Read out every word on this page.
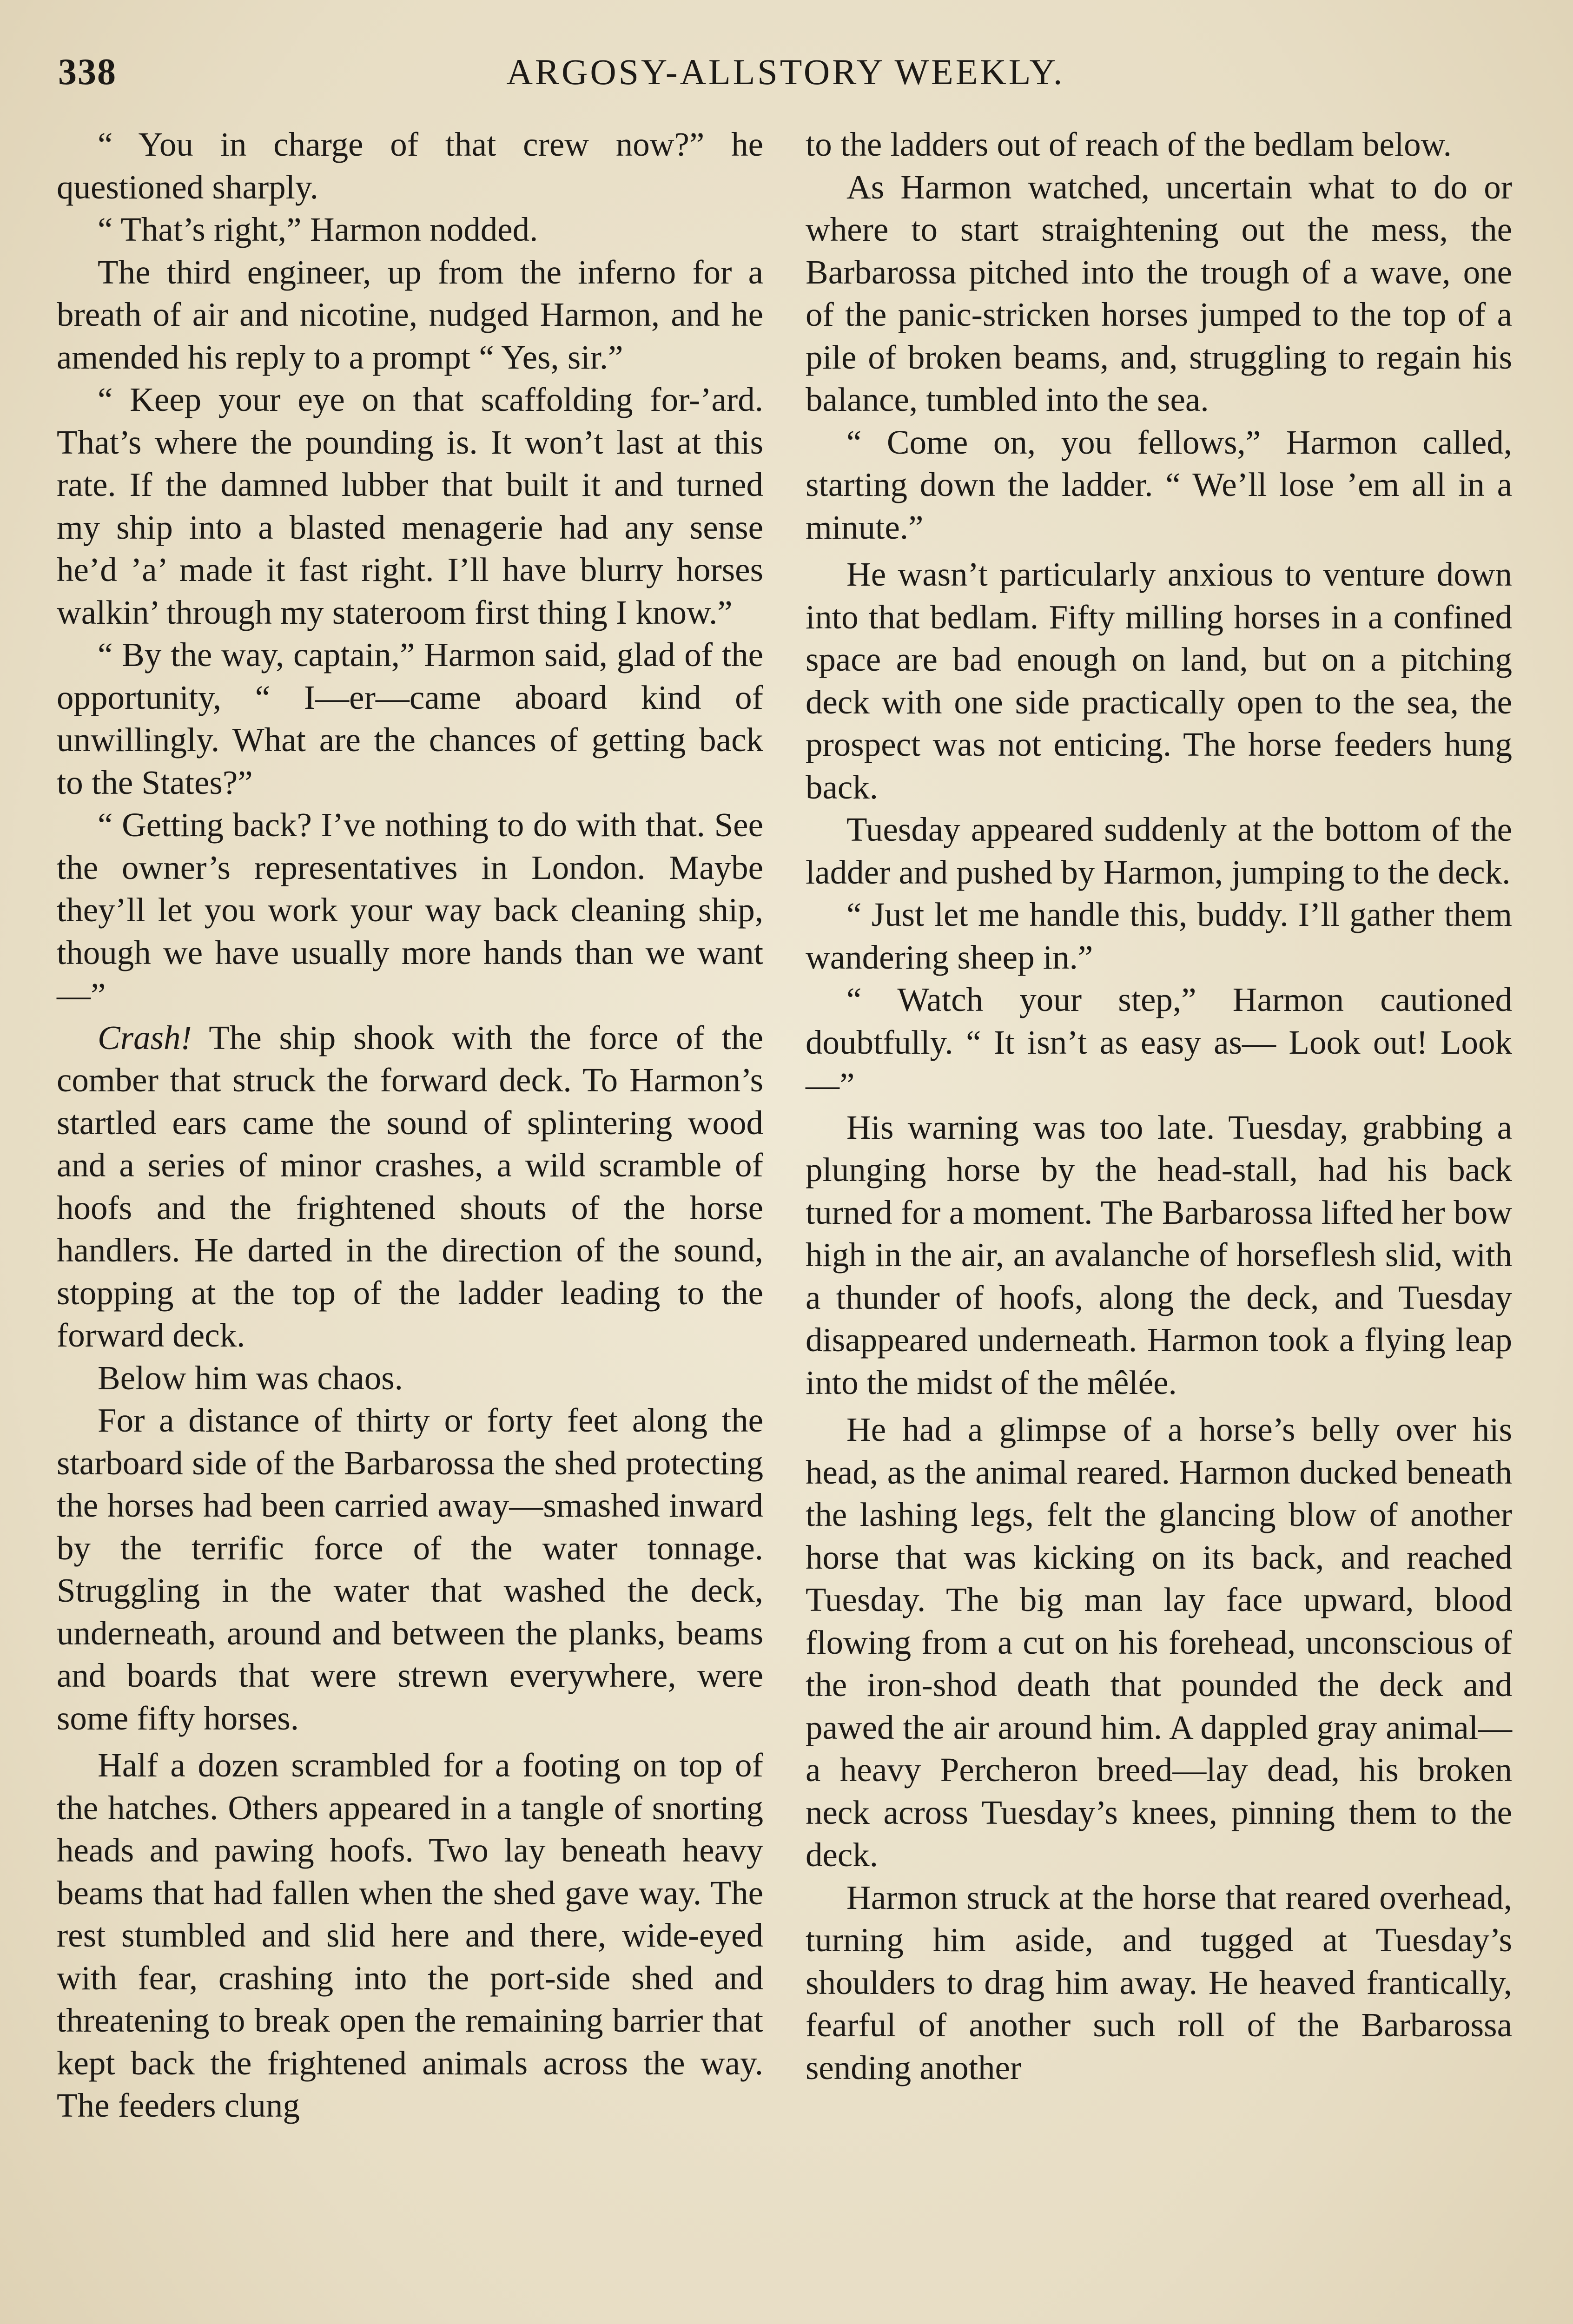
338	ARGOSY-ALLSTORY WEEKLY.

“ You in charge of that crew now?” he questioned sharply.

“ That’s right,” Harmon nodded.

The third engineer, up from the inferno for a breath of air and nicotine, nudged Harmon, and he amended his reply to a prompt “ Yes, sir.”

“ Keep your eye on that scaffolding for-’ard. That’s where the pounding is. It won’t last at this rate. If the damned lubber that built it and turned my ship into a blasted menagerie had any sense he’d ’a’ made it fast right. I’ll have blurry horses walkin’ through my stateroom first thing I know.”

“ By the way, captain,” Harmon said, glad of the opportunity, “ I—er—came aboard kind of unwillingly. What are the chances of getting back to the States?”

“ Getting back? I’ve nothing to do with that. See the owner’s representatives in London. Maybe they’ll let you work your way back cleaning ship, though we have usually more hands than we want—”

Crash! The ship shook with the force of the comber that struck the forward deck. To Harmon’s startled ears came the sound of splintering wood and a series of minor crashes, a wild scramble of hoofs and the frightened shouts of the horse handlers. He darted in the direction of the sound, stopping at the top of the ladder leading to the forward deck.

Below him was chaos.

For a distance of thirty or forty feet along the starboard side of the Barbarossa the shed protecting the horses had been carried away—smashed inward by the terrific force of the water tonnage. Struggling in the water that washed the deck, underneath, around and between the planks, beams and boards that were strewn everywhere, were some fifty horses.

Half a dozen scrambled for a footing on top of the hatches. Others appeared in a tangle of snorting heads and pawing hoofs. Two lay beneath heavy beams that had fallen when the shed gave way. The rest stumbled and slid here and there, wide-eyed with fear, crashing into the port-side shed and threatening to break open the remaining barrier that kept back the frightened animals across the way. The feeders clung

to the ladders out of reach of the bedlam below.

As Harmon watched, uncertain what to do or where to start straightening out the mess, the Barbarossa pitched into the trough of a wave, one of the panic-stricken horses jumped to the top of a pile of broken beams, and, struggling to regain his balance, tumbled into the sea.

“ Come on, you fellows,” Harmon called, starting down the ladder. “ We’ll lose ’em all in a minute.”

He wasn’t particularly anxious to venture down into that bedlam. Fifty milling horses in a confined space are bad enough on land, but on a pitching deck with one side practically open to the sea, the prospect was not enticing. The horse feeders hung back.

Tuesday appeared suddenly at the bottom of the ladder and pushed by Harmon, jumping to the deck.

“ Just let me handle this, buddy. I’ll gather them wandering sheep in.”

“ Watch your step,” Harmon cautioned doubtfully. “ It isn’t as easy as— Look out! Look—”

His warning was too late. Tuesday, grabbing a plunging horse by the head-stall, had his back turned for a moment. The Barbarossa lifted her bow high in the air, an avalanche of horseflesh slid, with a thunder of hoofs, along the deck, and Tuesday disappeared underneath. Harmon took a flying leap into the midst of the mêlée.

He had a glimpse of a horse’s belly over his head, as the animal reared. Harmon ducked beneath the lashing legs, felt the glancing blow of another horse that was kicking on its back, and reached Tuesday. The big man lay face upward, blood flowing from a cut on his forehead, unconscious of the iron-shod death that pounded the deck and pawed the air around him. A dappled gray animal—a heavy Percheron breed—lay dead, his broken neck across Tuesday’s knees, pinning them to the deck.

Harmon struck at the horse that reared overhead, turning him aside, and tugged at Tuesday’s shoulders to drag him away. He heaved frantically, fearful of another such roll of the Barbarossa sending another
